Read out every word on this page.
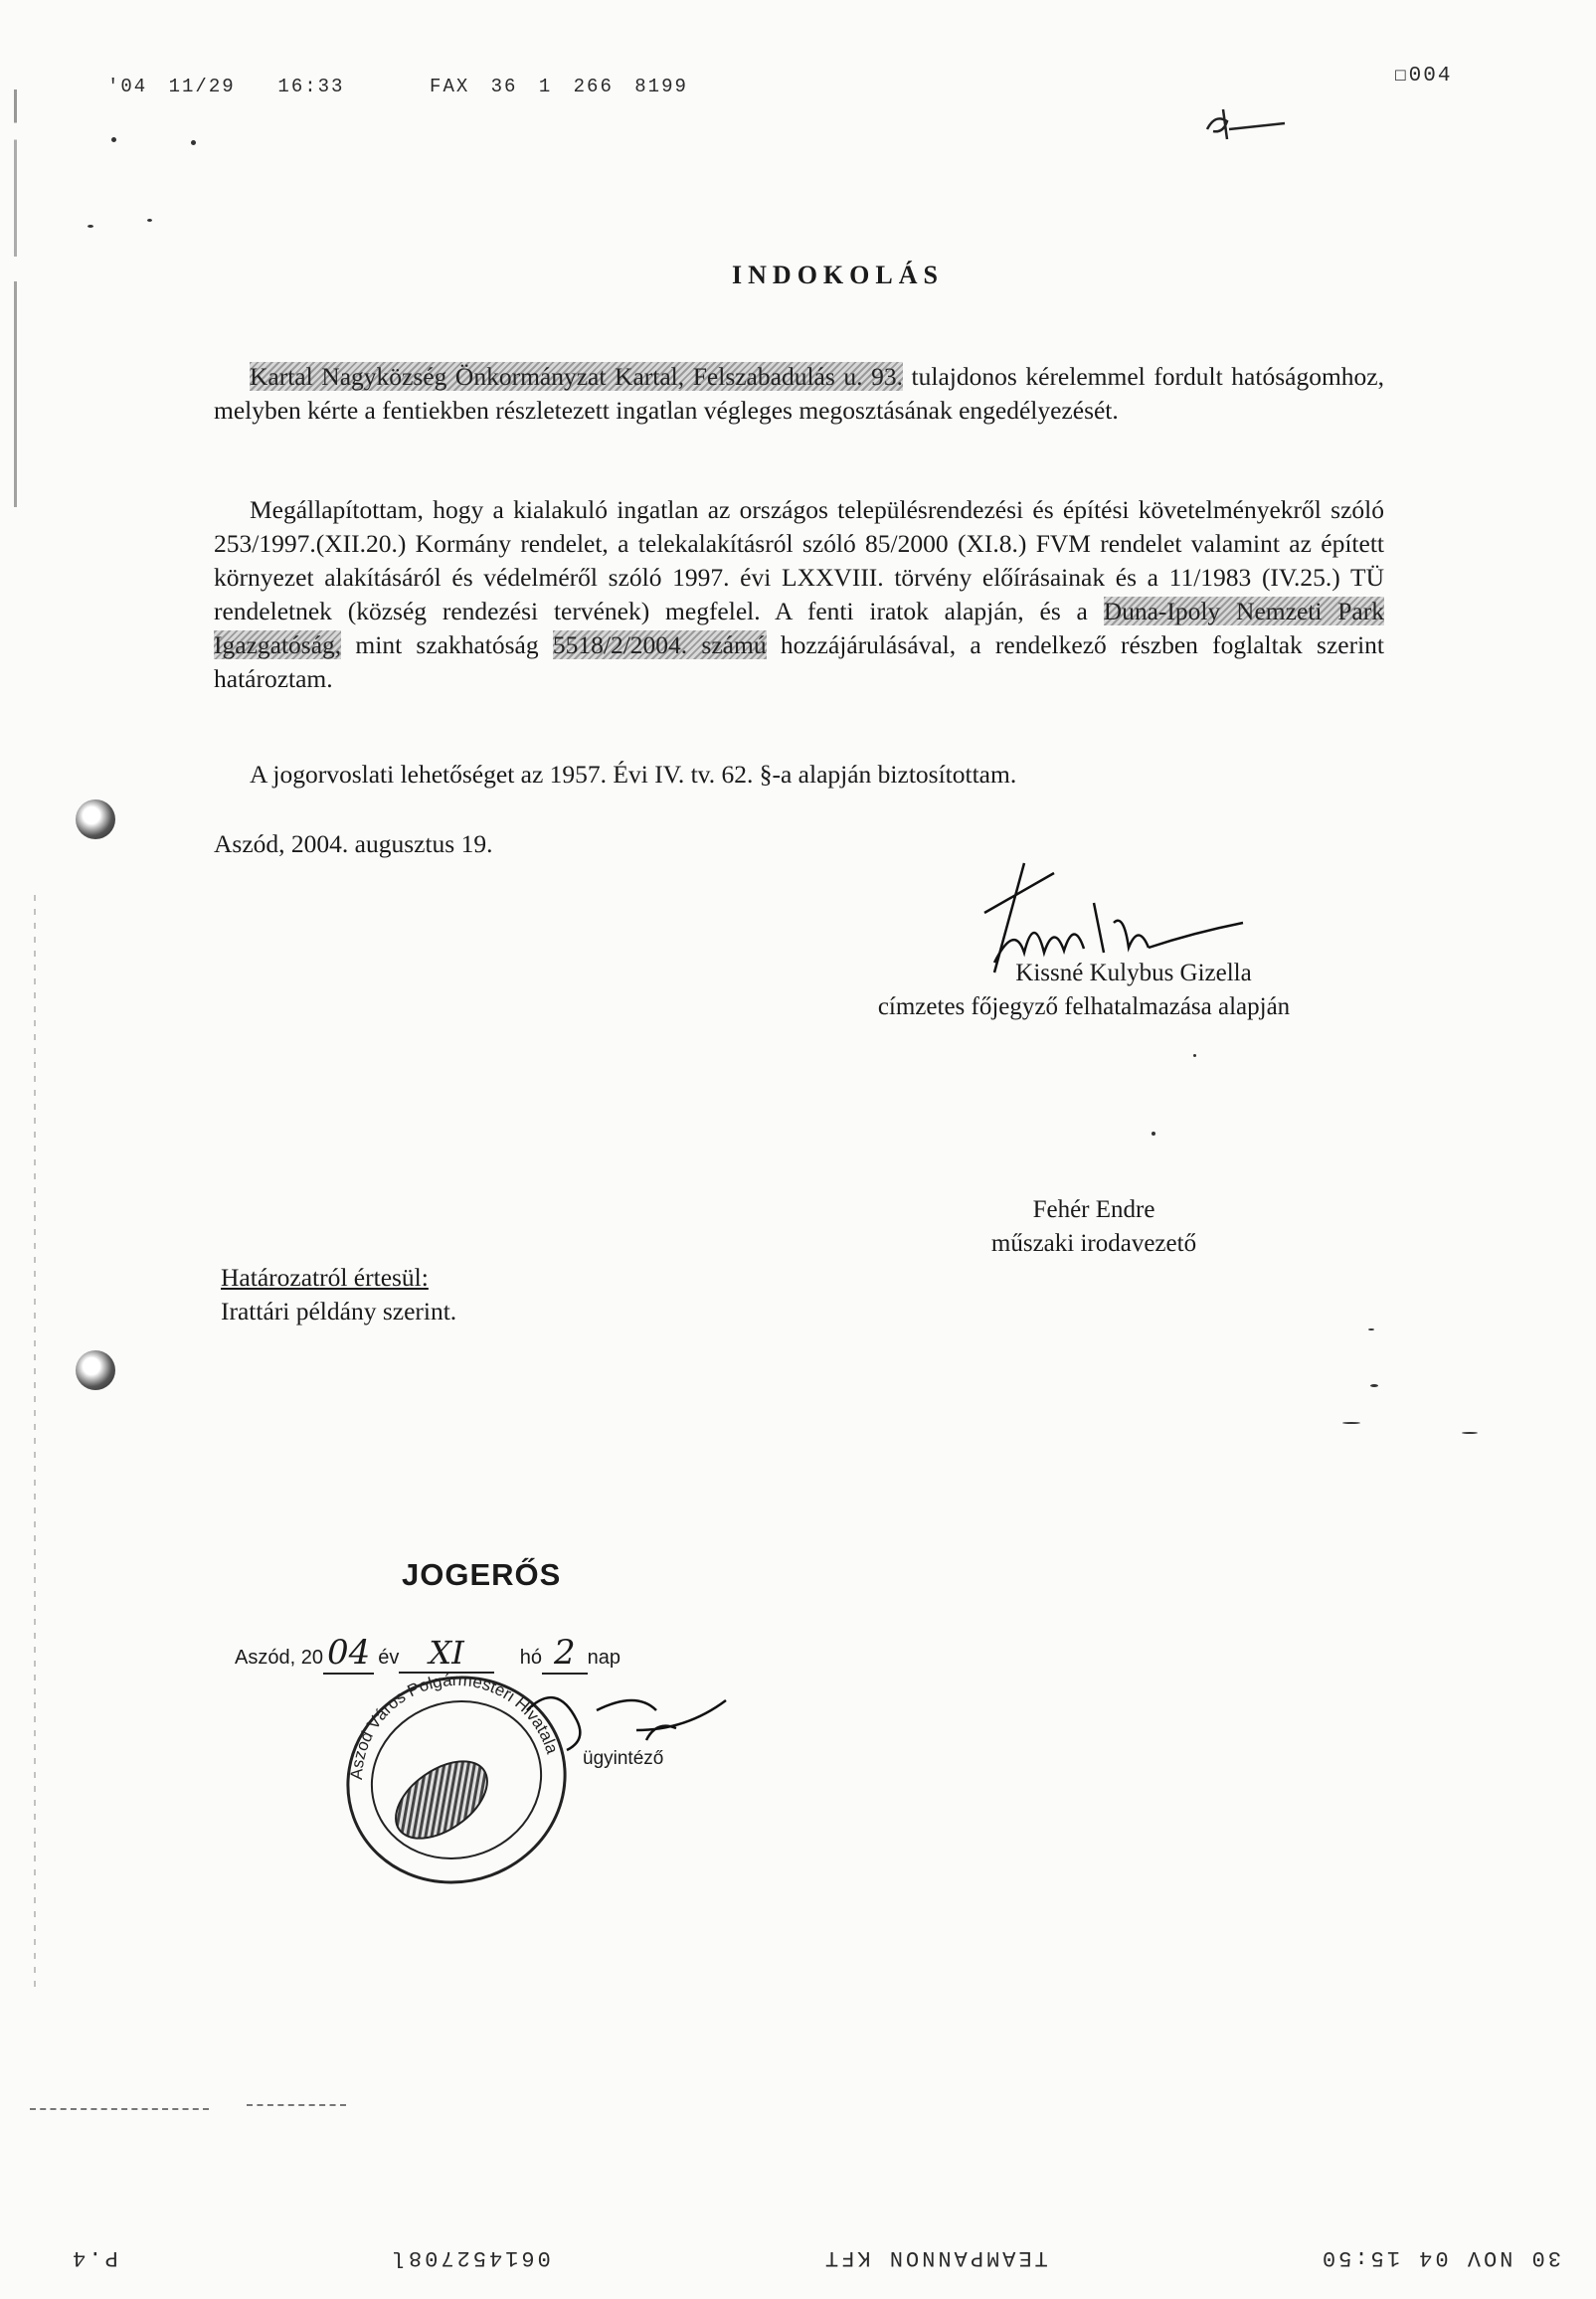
'04 11/29  16:33    FAX 36 1 266 8199	☐004
INDOKOLÁS
Kartal Nagyközség Önkormányzat Kartal, Felszabadulás u. 93. tulajdonos kérelemmel fordult hatóságomhoz, melyben kérte a fentiekben részletezett ingatlan végleges megosztásának engedélyezését.
Megállapítottam, hogy a kialakuló ingatlan az országos településrendezési és építési követelményekről szóló 253/1997.(XII.20.) Kormány rendelet, a telekalakításról szóló 85/2000 (XI.8.) FVM rendelet valamint az épített környezet alakításáról és védelméről szóló 1997. évi LXXVIII. törvény előírásainak és a 11/1983 (IV.25.) TÜ rendeletnek (község rendezési tervének) megfelel. A fenti iratok alapján, és a Duna-Ipoly Nemzeti Park Igazgatóság, mint szakhatóság 5518/2/2004. számú hozzájárulásával, a rendelkező részben foglaltak szerint határoztam.
A jogorvoslati lehetőséget az 1957. Évi IV. tv. 62. §-a alapján biztosítottam.
Aszód, 2004. augusztus 19.
Kissné Kulybus Gizella
címzetes főjegyző felhatalmazása alapján
Fehér Endre
műszaki irodavezető
Határozatról értesül:
Irattári példány szerint.
JOGERŐS
Aszód, 20 04 év XI	hó 2 nap
Aszód Város Polgármesteri Hivatala ügyintéző
30 NOV 04 15:50
TEAMPANNON KFT
061452708l
P.4
